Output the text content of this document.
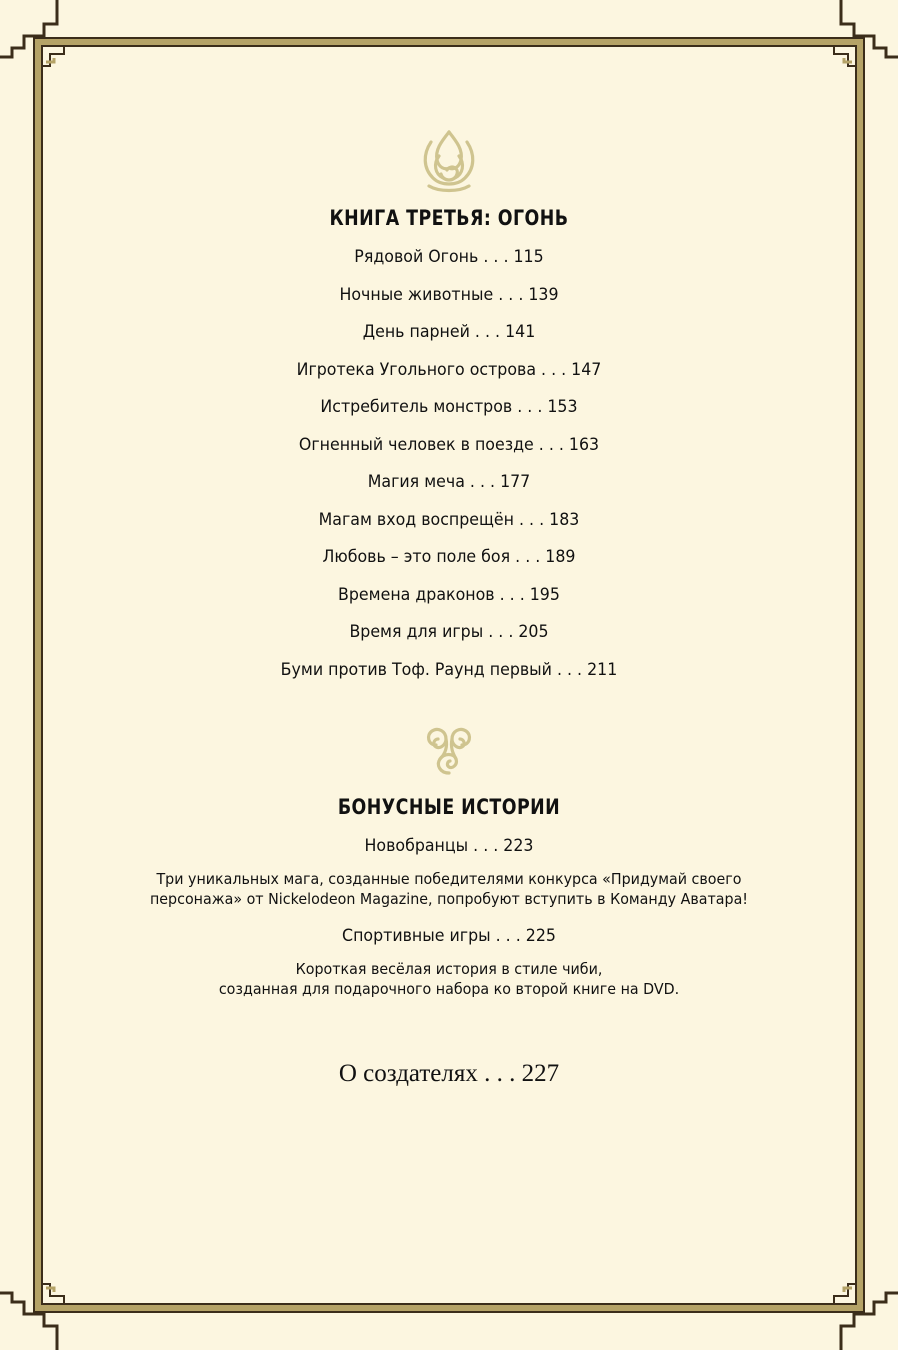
КНИГА ТРЕТЬЯ: ОГОНЬ
Рядовой Огонь . . . 115
Ночные животные . . . 139
День парней . . . 141
Игротека Угольного острова . . . 147
Истребитель монстров . . . 153
Огненный человек в поезде . . . 163
Магия меча . . . 177
Магам вход воспрещён . . . 183
Любовь – это поле боя . . . 189
Времена драконов . . . 195
Время для игры . . . 205
Буми против Тоф. Раунд первый . . . 211
БОНУСНЫЕ ИСТОРИИ
Новобранцы . . . 223
Три уникальных мага, созданные победителями конкурса «Придумай своего
персонажа» от Nickelodeon Magazine, попробуют вступить в Команду Аватара!
Спортивные игры . . . 225
Короткая весёлая история в стиле чиби,
созданная для подарочного набора ко второй книге на DVD.
О создателях . . . 227
